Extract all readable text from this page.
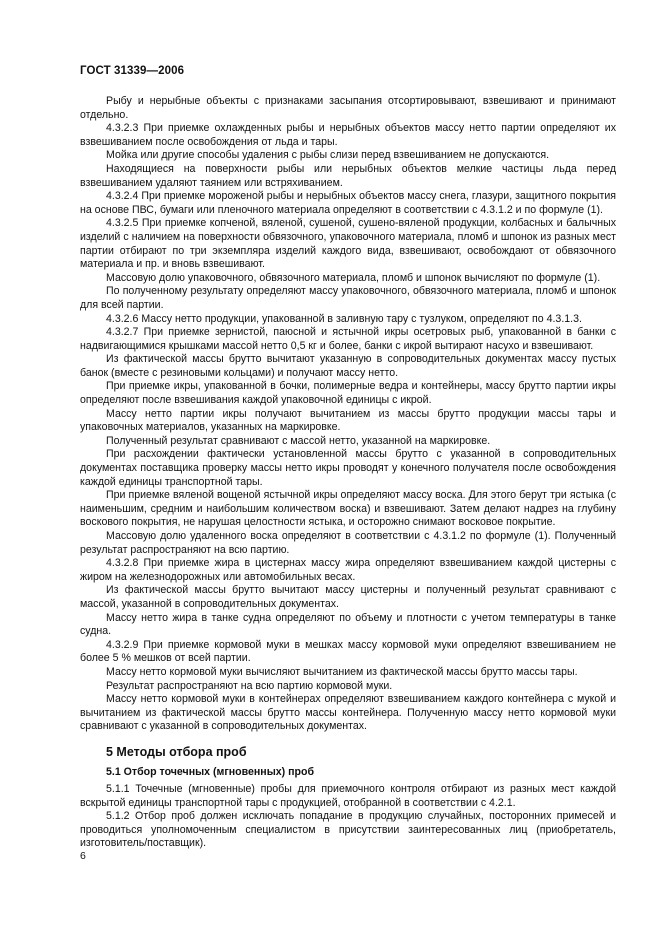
ГОСТ 31339—2006

Рыбу и нерыбные объекты с признаками засыпания отсортировывают, взвешивают и принимают отдельно.

4.3.2.3 При приемке охлажденных рыбы и нерыбных объектов массу нетто партии определяют их взвешиванием после освобождения от льда и тары.

Мойка или другие способы удаления с рыбы слизи перед взвешиванием не допускаются.

Находящиеся на поверхности рыбы или нерыбных объектов мелкие частицы льда перед взвешиванием удаляют таянием или встряхиванием.

4.3.2.4 При приемке мороженой рыбы и нерыбных объектов массу снега, глазури, защитного покрытия на основе ПВС, бумаги или пленочного материала определяют в соответствии с 4.3.1.2 и по формуле (1).

4.3.2.5 При приемке копченой, вяленой, сушеной, сушено-вяленой продукции, колбасных и балычных изделий с наличием на поверхности обвязочного, упаковочного материала, пломб и шпонок из разных мест партии отбирают по три экземпляра изделий каждого вида, взвешивают, освобождают от обвязочного материала и пр. и вновь взвешивают.

Массовую долю упаковочного, обвязочного материала, пломб и шпонок вычисляют по формуле (1).

По полученному результату определяют массу упаковочного, обвязочного материала, пломб и шпонок для всей партии.

4.3.2.6 Массу нетто продукции, упакованной в заливную тару с тузлуком, определяют по 4.3.1.3.

4.3.2.7 При приемке зернистой, паюсной и ястычной икры осетровых рыб, упакованной в банки с надвигающимися крышками массой нетто 0,5 кг и более, банки с икрой вытирают насухо и взвешивают.

Из фактической массы брутто вычитают указанную в сопроводительных документах массу пустых банок (вместе с резиновыми кольцами) и получают массу нетто.

При приемке икры, упакованной в бочки, полимерные ведра и контейнеры, массу брутто партии икры определяют после взвешивания каждой упаковочной единицы с икрой.

Массу нетто партии икры получают вычитанием из массы брутто продукции массы тары и упаковочных материалов, указанных на маркировке.

Полученный результат сравнивают с массой нетто, указанной на маркировке.

При расхождении фактически установленной массы брутто с указанной в сопроводительных документах поставщика проверку массы нетто икры проводят у конечного получателя после освобождения каждой единицы транспортной тары.

При приемке вяленой вощеной ястычной икры определяют массу воска. Для этого берут три ястыка (с наименьшим, средним и наибольшим количеством воска) и взвешивают. Затем делают надрез на глубину воскового покрытия, не нарушая целостности ястыка, и осторожно снимают восковое покрытие.

Массовую долю удаленного воска определяют в соответствии с 4.3.1.2 по формуле (1). Полученный результат распространяют на всю партию.

4.3.2.8 При приемке жира в цистернах массу жира определяют взвешиванием каждой цистерны с жиром на железнодорожных или автомобильных весах.

Из фактической массы брутто вычитают массу цистерны и полученный результат сравнивают с массой, указанной в сопроводительных документах.

Массу нетто жира в танке судна определяют по объему и плотности с учетом температуры в танке судна.

4.3.2.9 При приемке кормовой муки в мешках массу кормовой муки определяют взвешиванием не более 5 % мешков от всей партии.

Массу нетто кормовой муки вычисляют вычитанием из фактической массы брутто массы тары.

Результат распространяют на всю партию кормовой муки.

Массу нетто кормовой муки в контейнерах определяют взвешиванием каждого контейнера с мукой и вычитанием из фактической массы брутто массы контейнера. Полученную массу нетто кормовой муки сравнивают с указанной в сопроводительных документах.

5 Методы отбора проб

5.1 Отбор точечных (мгновенных) проб

5.1.1 Точечные (мгновенные) пробы для приемочного контроля отбирают из разных мест каждой вскрытой единицы транспортной тары с продукцией, отобранной в соответствии с 4.2.1.

5.1.2 Отбор проб должен исключать попадание в продукцию случайных, посторонних примесей и проводиться уполномоченным специалистом в присутствии заинтересованных лиц (приобретатель, изготовитель/поставщик).

6
